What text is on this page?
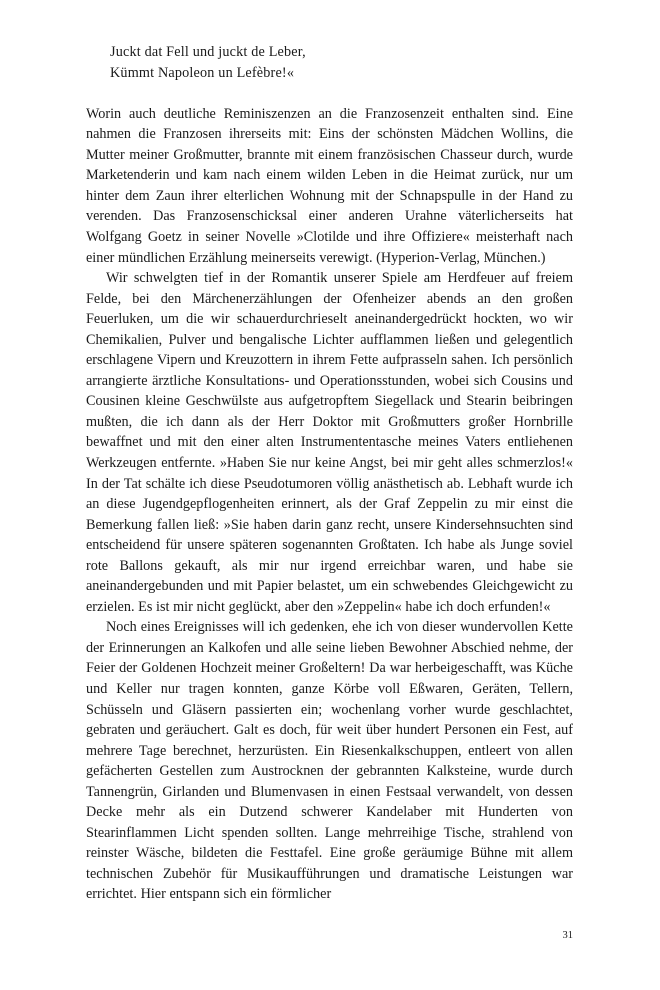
Juckt dat Fell und juckt de Leber,
Kümmt Napoleon un Lefèbre!«

Worin auch deutliche Reminiszenzen an die Franzosenzeit enthalten sind. Eine nahmen die Franzosen ihrerseits mit: Eins der schönsten Mädchen Wollins, die Mutter meiner Großmutter, brannte mit einem französischen Chasseur durch, wurde Marketenderin und kam nach einem wilden Leben in die Heimat zurück, nur um hinter dem Zaun ihrer elterlichen Wohnung mit der Schnapspulle in der Hand zu verenden. Das Franzosenschicksal einer anderen Urahne väterlicherseits hat Wolfgang Goetz in seiner Novelle »Clotilde und ihre Offiziere« meisterhaft nach einer mündlichen Erzählung meinerseits verewigt. (Hyperion-Verlag, München.)

Wir schwelgten tief in der Romantik unserer Spiele am Herdfeuer auf freiem Felde, bei den Märchenerzählungen der Ofenheizer abends an den großen Feuerluken, um die wir schauerdurchrieselt aneinandergedrückt hockten, wo wir Chemikalien, Pulver und bengalische Lichter aufflammen ließen und gelegentlich erschlagene Vipern und Kreuzottern in ihrem Fette aufprasseln sahen. Ich persönlich arrangierte ärztliche Konsultations- und Operationsstunden, wobei sich Cousins und Cousinen kleine Geschwülste aus aufgetropftem Siegellack und Stearin beibringen mußten, die ich dann als der Herr Doktor mit Großmutters großer Hornbrille bewaffnet und mit den einer alten Instrumententasche meines Vaters entliehenen Werkzeugen entfernte. »Haben Sie nur keine Angst, bei mir geht alles schmerzlos!« In der Tat schälte ich diese Pseudotumoren völlig anästhetisch ab. Lebhaft wurde ich an diese Jugendgepflogenheiten erinnert, als der Graf Zeppelin zu mir einst die Bemerkung fallen ließ: »Sie haben darin ganz recht, unsere Kindersehnsuchten sind entscheidend für unsere späteren sogenannten Großtaten. Ich habe als Junge soviel rote Ballons gekauft, als mir nur irgend erreichbar waren, und habe sie aneinandergebunden und mit Papier belastet, um ein schwebendes Gleichgewicht zu erzielen. Es ist mir nicht geglückt, aber den »Zeppelin« habe ich doch erfunden!«

Noch eines Ereignisses will ich gedenken, ehe ich von dieser wundervollen Kette der Erinnerungen an Kalkofen und alle seine lieben Bewohner Abschied nehme, der Feier der Goldenen Hochzeit meiner Großeltern! Da war herbeigeschafft, was Küche und Keller nur tragen konnten, ganze Körbe voll Eßwaren, Geräten, Tellern, Schüsseln und Gläsern passierten ein; wochenlang vorher wurde geschlachtet, gebraten und geräuchert. Galt es doch, für weit über hundert Personen ein Fest, auf mehrere Tage berechnet, herzurüsten. Ein Riesenkalkschuppen, entleert von allen gefächerten Gestellen zum Austrocknen der gebrannten Kalksteine, wurde durch Tannengrün, Girlanden und Blumenvasen in einen Festsaal verwandelt, von dessen Decke mehr als ein Dutzend schwerer Kandelaber mit Hunderten von Stearinflammen Licht spenden sollten. Lange mehrreihige Tische, strahlend von reinster Wäsche, bildeten die Festtafel. Eine große geräumige Bühne mit allem technischen Zubehör für Musikaufführungen und dramatische Leistungen war errichtet. Hier entspann sich ein förmlicher

31
